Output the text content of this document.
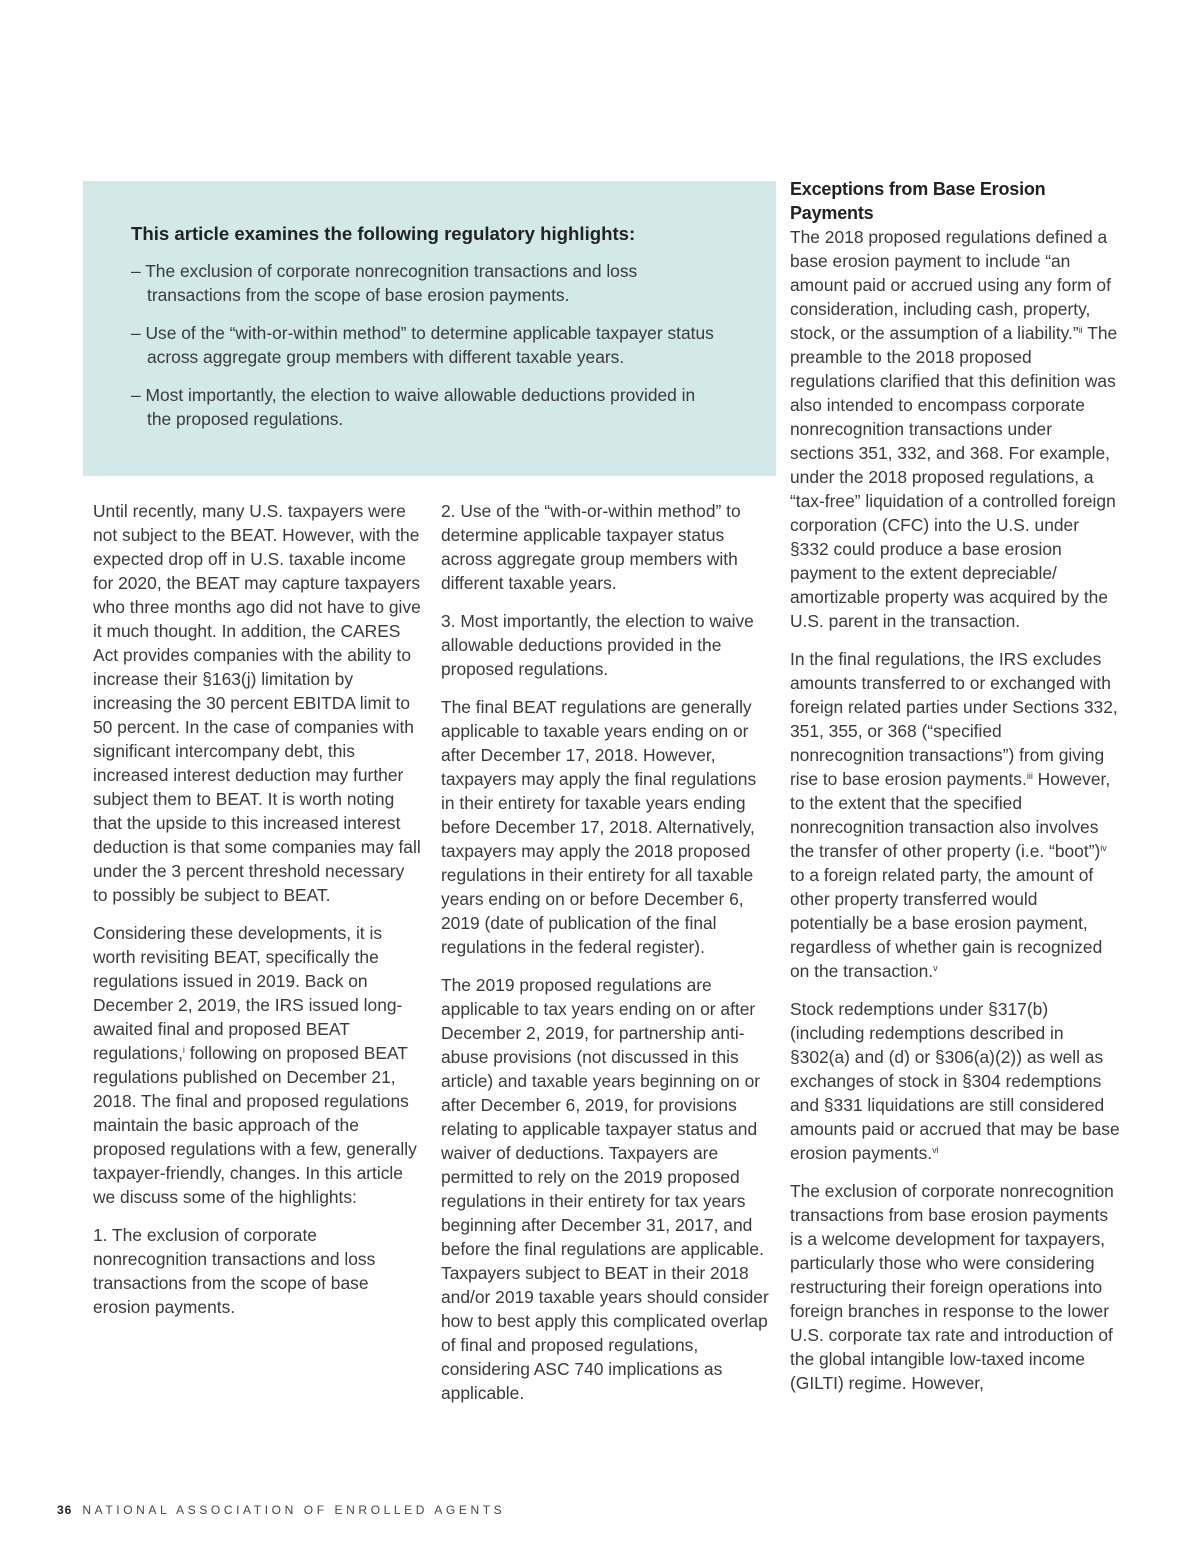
This article examines the following regulatory highlights:
– The exclusion of corporate nonrecognition transactions and loss transactions from the scope of base erosion payments.
– Use of the “with-or-within method” to determine applicable taxpayer status across aggregate group members with different taxable years.
– Most importantly, the election to waive allowable deductions provided in the proposed regulations.

Until recently, many U.S. taxpayers were not subject to the BEAT. However, with the expected drop off in U.S. taxable income for 2020, the BEAT may capture taxpayers who three months ago did not have to give it much thought. In addition, the CARES Act provides companies with the ability to increase their §163(j) limitation by increasing the 30 percent EBITDA limit to 50 percent. In the case of companies with significant intercompany debt, this increased interest deduction may further subject them to BEAT. It is worth noting that the upside to this increased interest deduction is that some companies may fall under the 3 percent threshold necessary to possibly be subject to BEAT.

Considering these developments, it is worth revisiting BEAT, specifically the regulations issued in 2019. Back on December 2, 2019, the IRS issued long-awaited final and proposed BEAT regulations,$^i$ following on proposed BEAT regulations published on December 21, 2018. The final and proposed regulations maintain the basic approach of the proposed regulations with a few, generally taxpayer-friendly, changes. In this article we discuss some of the highlights:

1. The exclusion of corporate nonrecognition transactions and loss transactions from the scope of base erosion payments.

2. Use of the “with-or-within method” to determine applicable taxpayer status across aggregate group members with different taxable years.

3. Most importantly, the election to waive allowable deductions provided in the proposed regulations.

The final BEAT regulations are generally applicable to taxable years ending on or after December 17, 2018. However, taxpayers may apply the final regulations in their entirety for taxable years ending before December 17, 2018. Alternatively, taxpayers may apply the 2018 proposed regulations in their entirety for all taxable years ending on or before December 6, 2019 (date of publication of the final regulations in the federal register).

The 2019 proposed regulations are applicable to tax years ending on or after December 2, 2019, for partnership anti-abuse provisions (not discussed in this article) and taxable years beginning on or after December 6, 2019, for provisions relating to applicable taxpayer status and waiver of deductions. Taxpayers are permitted to rely on the 2019 proposed regulations in their entirety for tax years beginning after December 31, 2017, and before the final regulations are applicable. Taxpayers subject to BEAT in their 2018 and/or 2019 taxable years should consider how to best apply this complicated overlap of final and proposed regulations, considering ASC 740 implications as applicable.

Exceptions from Base Erosion Payments

The 2018 proposed regulations defined a base erosion payment to include “an amount paid or accrued using any form of consideration, including cash, property, stock, or the assumption of a liability.”$^{ii}$ The preamble to the 2018 proposed regulations clarified that this definition was also intended to encompass corporate nonrecognition transactions under sections 351, 332, and 368. For example, under the 2018 proposed regulations, a “tax-free” liquidation of a controlled foreign corporation (CFC) into the U.S. under §332 could produce a base erosion payment to the extent depreciable/ amortizable property was acquired by the U.S. parent in the transaction.

In the final regulations, the IRS excludes amounts transferred to or exchanged with foreign related parties under Sections 332, 351, 355, or 368 (“specified nonrecognition transactions”) from giving rise to base erosion payments.$^{iii}$ However, to the extent that the specified nonrecognition transaction also involves the transfer of other property (i.e. “boot”)$^{iv}$ to a foreign related party, the amount of other property transferred would potentially be a base erosion payment, regardless of whether gain is recognized on the transaction.$^v$

Stock redemptions under §317(b) (including redemptions described in §302(a) and (d) or §306(a)(2)) as well as exchanges of stock in §304 redemptions and §331 liquidations are still considered amounts paid or accrued that may be base erosion payments.$^{vi}$

The exclusion of corporate nonrecognition transactions from base erosion payments is a welcome development for taxpayers, particularly those who were considering restructuring their foreign operations into foreign branches in response to the lower U.S. corporate tax rate and introduction of the global intangible low-taxed income (GILTI) regime. However,

36 NATIONAL ASSOCIATION OF ENROLLED AGENTS
